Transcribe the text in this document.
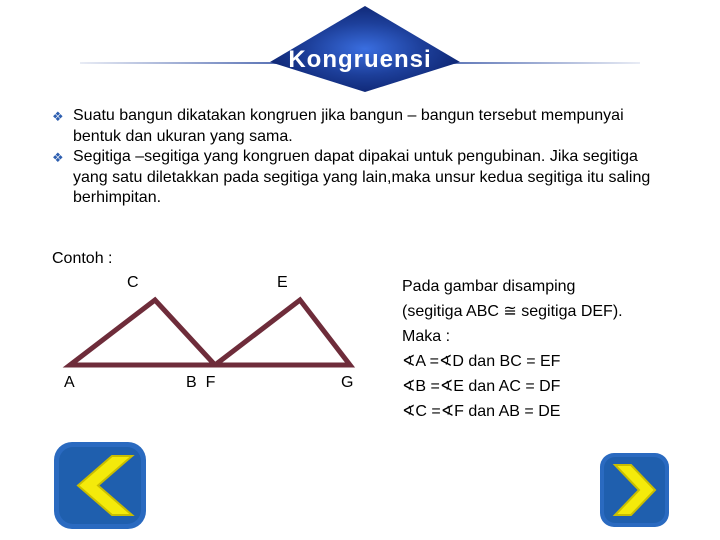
Kongruensi
❖ Suatu bangun dikatakan kongruen jika bangun – bangun tersebut mempunyai bentuk dan ukuran yang sama.
❖ Segitiga –segitiga yang kongruen dapat dipakai untuk pengubinan. Jika segitiga yang satu diletakkan pada segitiga yang lain,maka unsur kedua segitiga itu saling berhimpitan.
Contoh :
C	E
A	B  F	G
Pada gambar disamping
(segitiga ABC ≅ segitiga DEF).
Maka :
∢A =∢D dan BC = EF
∢B =∢E dan AC = DF
∢C =∢F dan AB = DE
